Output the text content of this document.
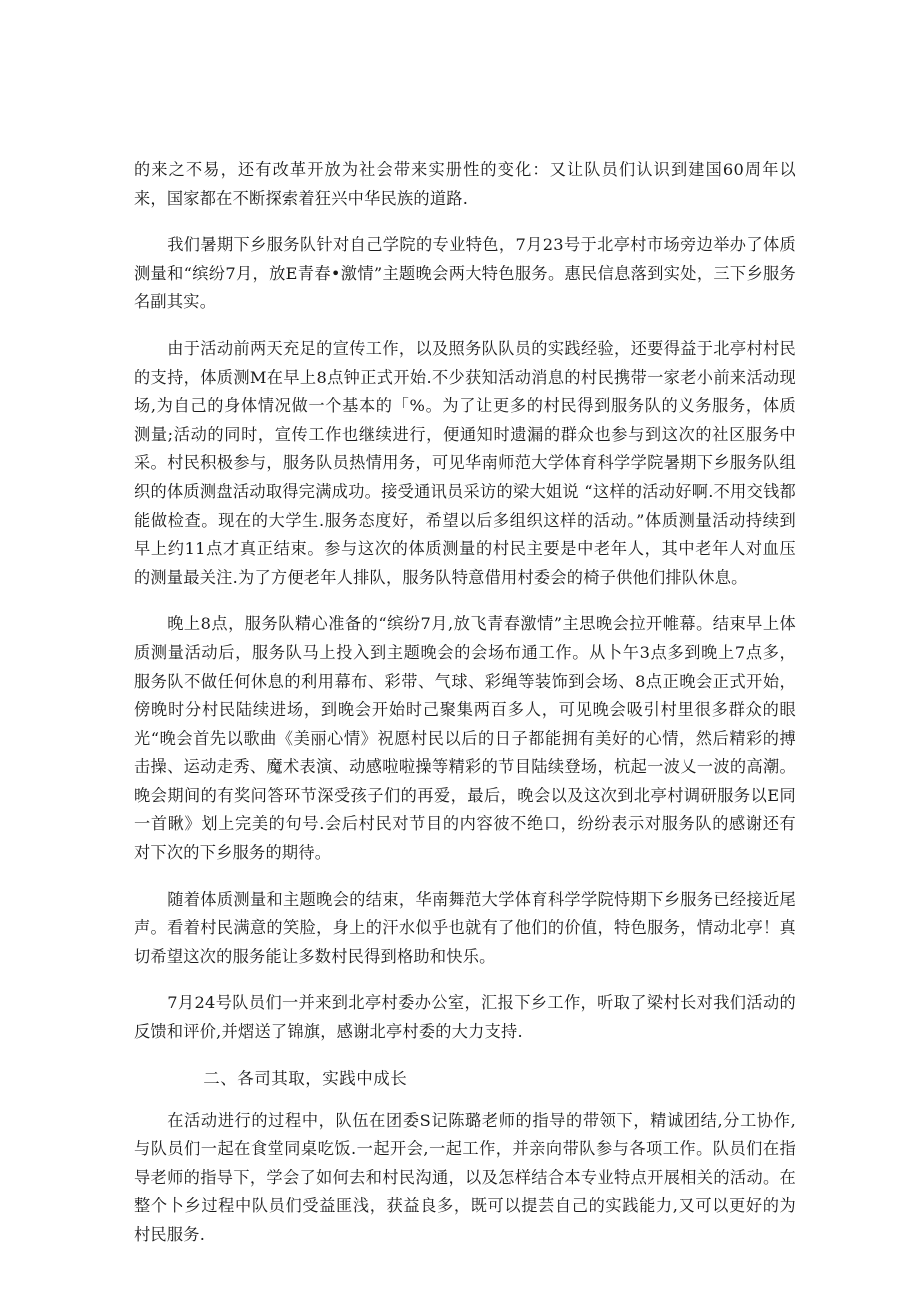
的来之不易，还有改革开放为社会带来实册性的变化：又让队员们认识到建国60周年以来，国家都在不断探索着狂兴中华民族的道路.

我们暑期下乡服务队针对自己学院的专业特色，7月23号于北亭村市场旁边举办了体质测量和“缤纷7月，放E青春•激情”主题晚会两大特色服务。惠民信息落到实处，三下乡服务名副其实。

由于活动前两天充足的宣传工作，以及照务队队员的实践经验，还要得益于北亭村村民的支持，体质测M在早上8点钟正式开始.不少获知活动消息的村民携带一家老小前来活动现场,为自己的身体情况做一个基本的「%。为了让更多的村民得到服务队的义务服务，体质测量;活动的同时，宣传工作也继续进行，便通知时遗漏的群众也参与到这次的社区服务中采。村民积极参与，服务队员热情用务，可见华南师范大学体育科学学院暑期下乡服务队组织的体质测盘活动取得完满成功。接受通讯员采访的梁大姐说 “这样的活动好啊.不用交钱都能做检查。现在的大学生.服务态度好，希望以后多组织这样的活动。”体质测量活动持续到早上约11点才真正结束。参与这次的体质测量的村民主要是中老年人，其中老年人对血压的测量最关注.为了方便老年人排队，服务队特意借用村委会的椅子供他们排队休息。

晚上8点，服务队精心准备的“缤纷7月,放飞青春激情”主思晚会拉开帷幕。结束早上体质测量活动后，服务队马上投入到主题晚会的会场布通工作。从卜午3点多到晚上7点多，服务队不做任何休息的利用幕布、彩带、气球、彩绳等装饰到会场、8点正晚会正式开始，傍晚时分村民陆续进场，到晚会开始时己聚集两百多人，可见晚会吸引村里很多群众的眼光“晚会首先以歌曲《美丽心情》祝愿村民以后的日子都能拥有美好的心情，然后精彩的搏击操、运动走秀、魔术表演、动感啦啦操等精彩的节目陆续登场，杭起一波乂一波的高潮。晚会期间的有奖问答环节深受孩子们的再爱，最后，晚会以及这次到北亭村调研服务以E同一首瞅》划上完美的句号.会后村民对节目的内容彼不绝口，纷纷表示对服务队的感谢还有对下次的下乡服务的期待。

随着体质测量和主题晚会的结束，华南舞范大学体育科学学院恃期下乡服务已经接近尾声。看着村民满意的笑脸，身上的汗水似乎也就有了他们的价值，特色服务，情动北亭！真切希望这次的服务能让多数村民得到格助和快乐。

7月24号队员们一并来到北亭村委办公室，汇报下乡工作，听取了梁村长对我们活动的反馈和评价,并熠送了锦旗，感谢北亭村委的大力支持.

二、各司其取，实践中成长

在活动进行的过程中，队伍在团委S记陈璐老师的指导的带领下，精诚团结,分工协作,与队员们一起在食堂同桌吃饭.一起开会,一起工作，并亲向带队参与各项工作。队员们在指导老师的指导下，学会了如何去和村民沟通，以及怎样结合本专业特点开展相关的活动。在整个卜乡过程中队员们受益匪浅，获益良多，既可以提芸自己的实践能力,又可以更好的为村民服务.
